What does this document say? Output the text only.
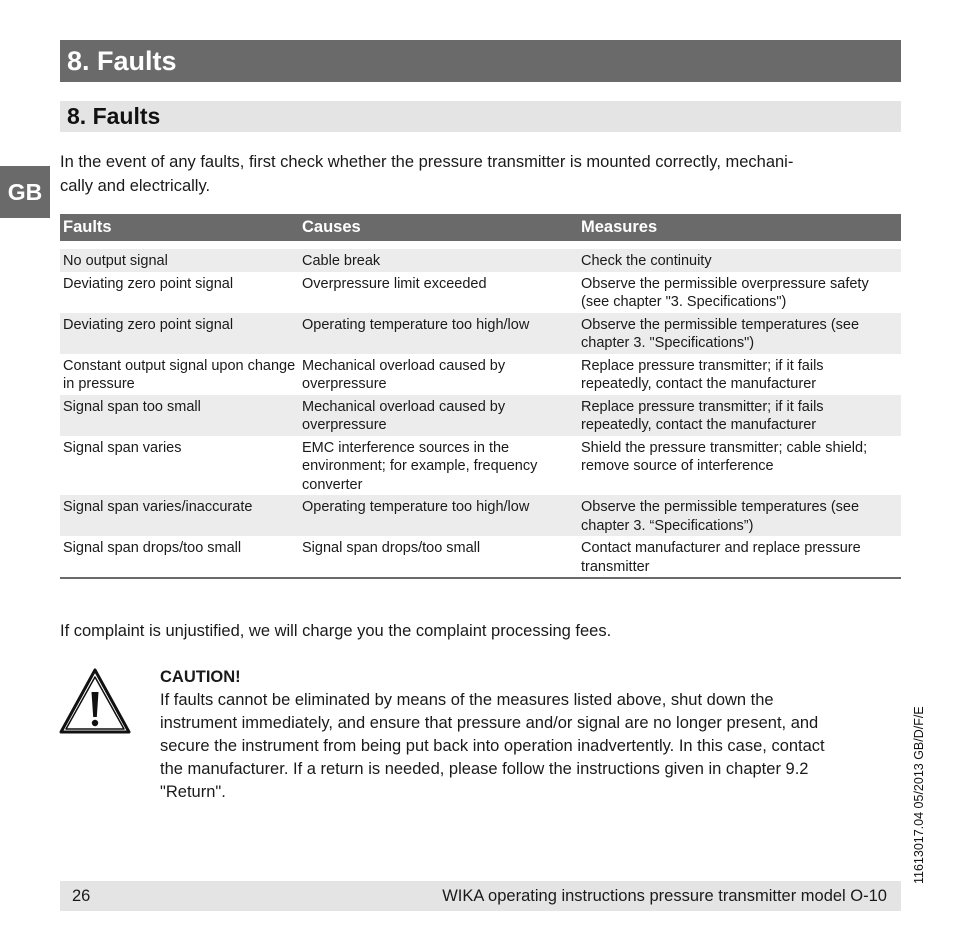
8. Faults
8. Faults
GB

In the event of any faults, first check whether the pressure transmitter is mounted correctly, mechani-
cally and electrically.

Faults	Causes	Measures

No output signal	Cable break	Check the continuity
Deviating zero point signal	Overpressure limit exceeded	Observe the permissible overpressure safety (see chapter "3. Specifications")
Deviating zero point signal	Operating temperature too high/low	Observe the permissible temperatures (see chapter 3. "Specifications")
Constant output signal upon change in pressure	Mechanical overload caused by overpressure	Replace pressure transmitter; if it fails repeatedly, contact the manufacturer
Signal span too small	Mechanical overload caused by overpressure	Replace pressure transmitter; if it fails repeatedly, contact the manufacturer
Signal span varies	EMC interference sources in the environment; for example, frequency converter	Shield the pressure transmitter; cable shield; remove source of interference
Signal span varies/inaccurate	Operating temperature too high/low	Observe the permissible temperatures (see chapter 3. “Specifications”)
Signal span drops/too small	Signal span drops/too small	Contact manufacturer and replace pressure transmitter
If complaint is unjustified, we will charge you the complaint processing fees.
CAUTION!
If faults cannot be eliminated by means of the measures listed above, shut down the
instrument immediately, and ensure that pressure and/or signal are no longer present, and
secure the instrument from being put back into operation inadvertently. In this case, contact
the manufacturer. If a return is needed, please follow the instructions given in chapter 9.2
"Return".	11613017.04 05/2013 GB/D/F/E
26	WIKA operating instructions pressure transmitter model O-10
